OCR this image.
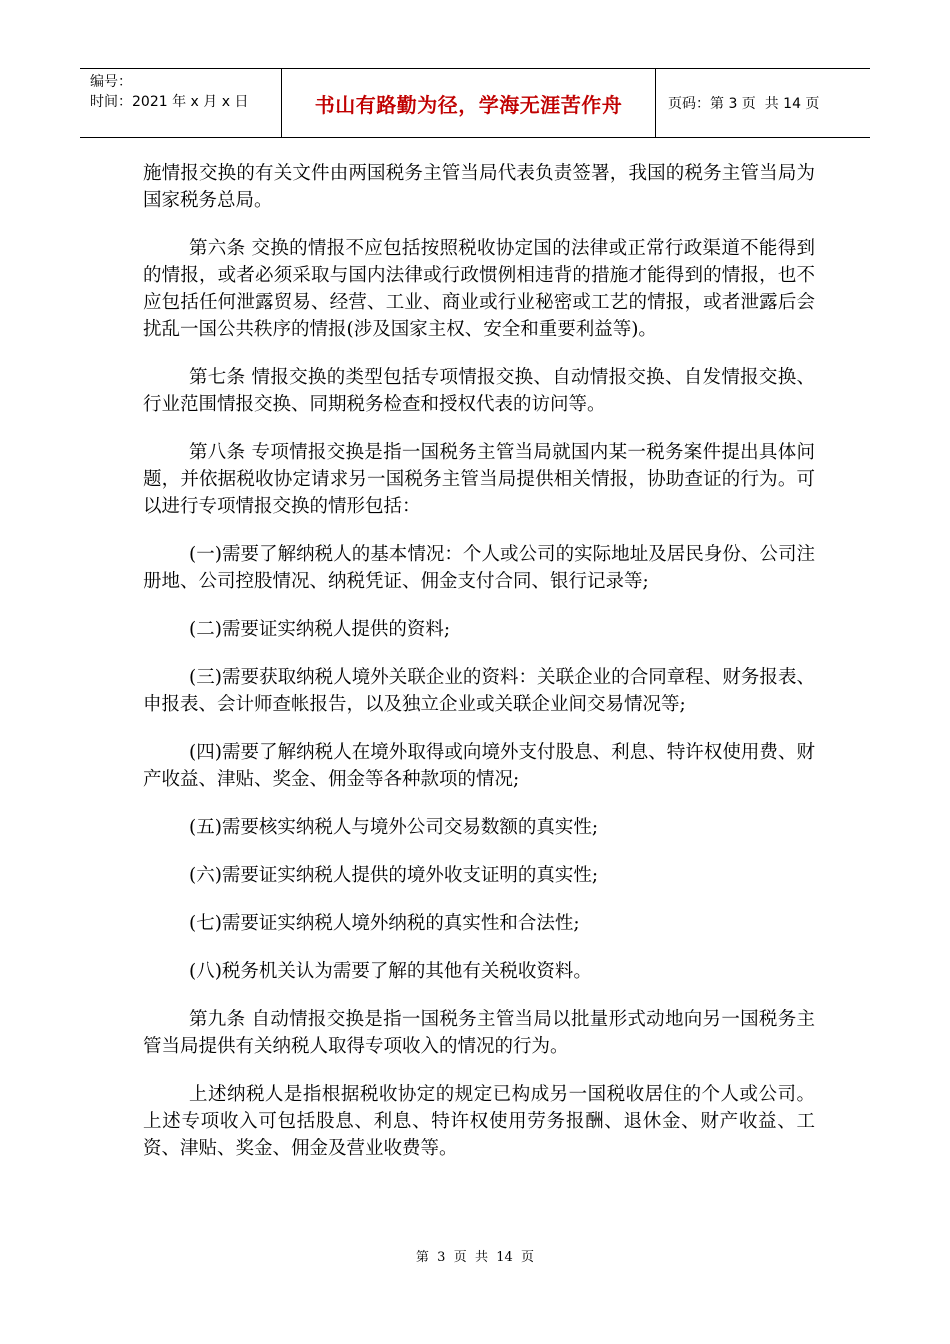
编号：
时间：2021 年 x 月 x 日	书山有路勤为径，学海无涯苦作舟	页码：第 3 页  共 14 页

施情报交换的有关文件由两国税务主管当局代表负责签署，我国的税务主管当局为国家税务总局。

第六条 交换的情报不应包括按照税收协定国的法律或正常行政渠道不能得到的情报，或者必须采取与国内法律或行政惯例相违背的措施才能得到的情报，也不应包括任何泄露贸易、经营、工业、商业或行业秘密或工艺的情报，或者泄露后会扰乱一国公共秩序的情报(涉及国家主权、安全和重要利益等)。

第七条 情报交换的类型包括专项情报交换、自动情报交换、自发情报交换、行业范围情报交换、同期税务检查和授权代表的访问等。

第八条 专项情报交换是指一国税务主管当局就国内某一税务案件提出具体问题，并依据税收协定请求另一国税务主管当局提供相关情报，协助查证的行为。可以进行专项情报交换的情形包括：

(一)需要了解纳税人的基本情况：个人或公司的实际地址及居民身份、公司注册地、公司控股情况、纳税凭证、佣金支付合同、银行记录等;

(二)需要证实纳税人提供的资料;

(三)需要获取纳税人境外关联企业的资料：关联企业的合同章程、财务报表、申报表、会计师查帐报告，以及独立企业或关联企业间交易情况等;

(四)需要了解纳税人在境外取得或向境外支付股息、利息、特许权使用费、财产收益、津贴、奖金、佣金等各种款项的情况;

(五)需要核实纳税人与境外公司交易数额的真实性;

(六)需要证实纳税人提供的境外收支证明的真实性;

(七)需要证实纳税人境外纳税的真实性和合法性;

(八)税务机关认为需要了解的其他有关税收资料。

第九条 自动情报交换是指一国税务主管当局以批量形式动地向另一国税务主管当局提供有关纳税人取得专项收入的情况的行为。

上述纳税人是指根据税收协定的规定已构成另一国税收居住的个人或公司。上述专项收入可包括股息、利息、特许权使用劳务报酬、退休金、财产收益、工资、津贴、奖金、佣金及营业收费等。

第  3  页  共  14  页
